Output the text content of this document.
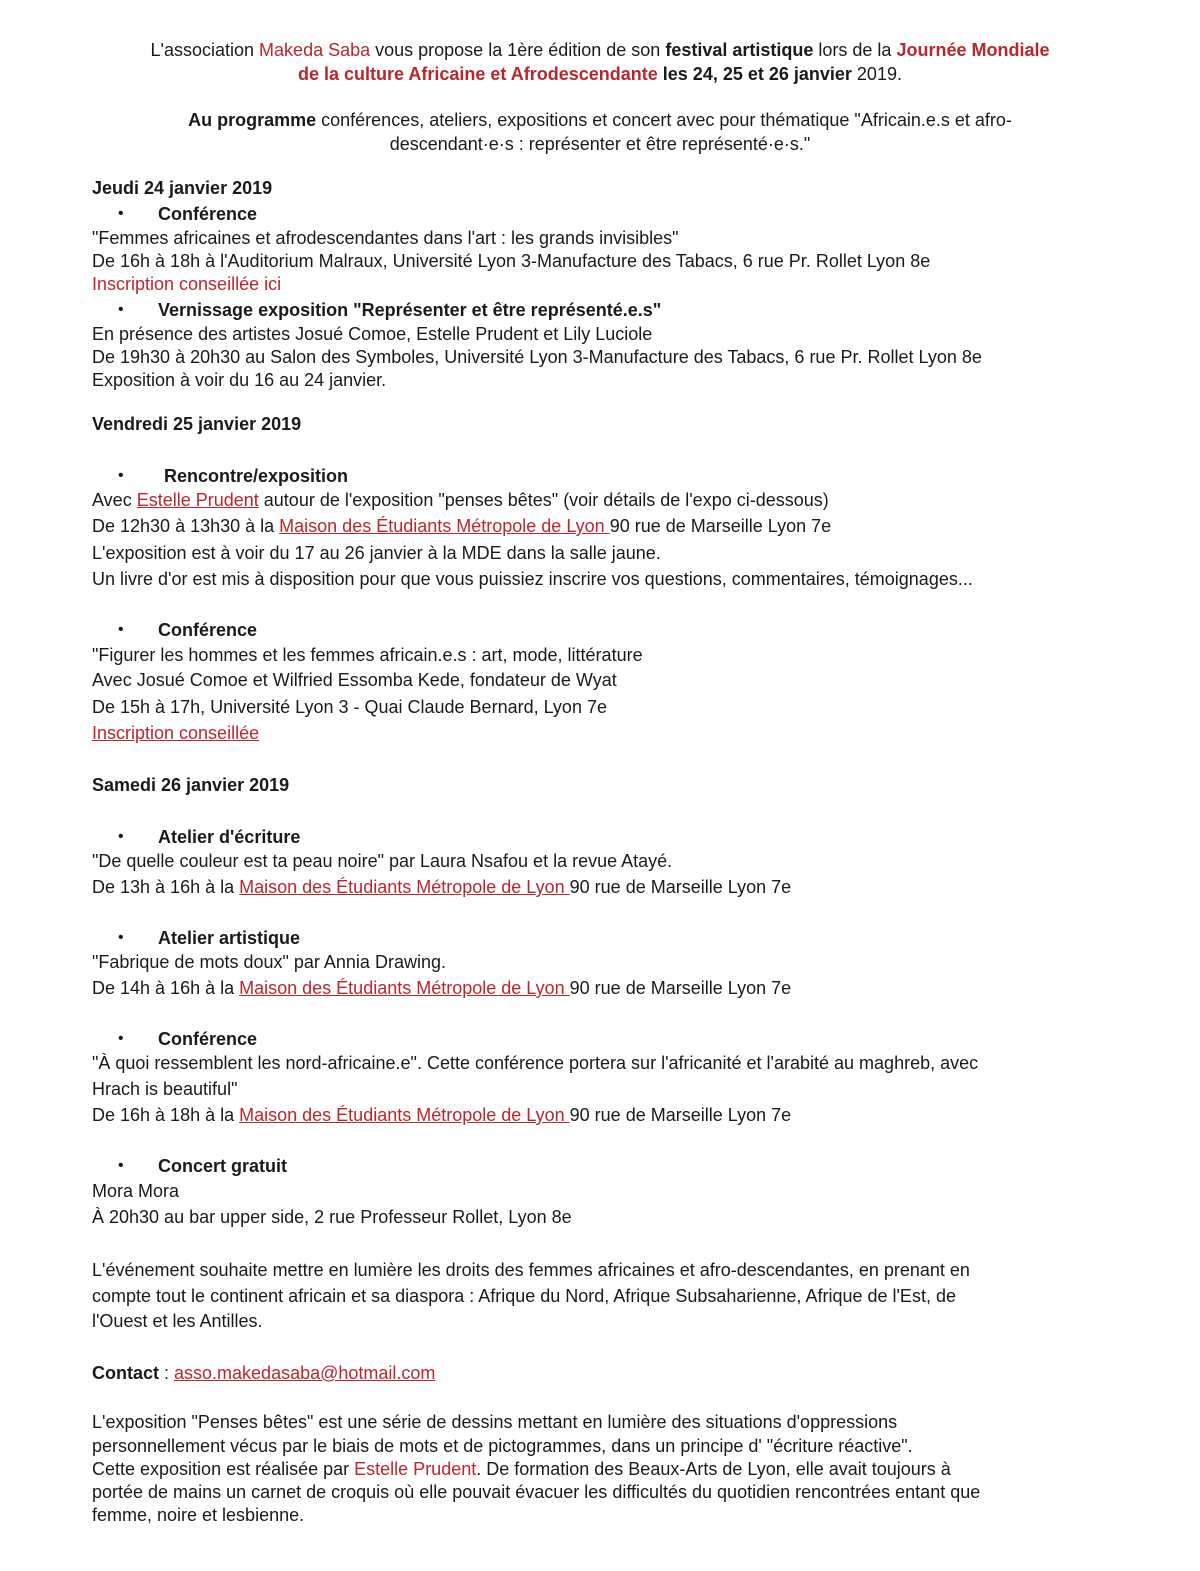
L'association Makeda Saba vous propose la 1ère édition de son festival artistique lors de la Journée Mondiale
de la culture Africaine et Afrodescendante les 24, 25 et 26 janvier 2019.
Au programme conférences, ateliers, expositions et concert avec pour thématique "Africain.e.s et afro-
descendant·e·s : représenter et être représenté·e·s."
Jeudi 24 janvier 2019
•	Conférence
"Femmes africaines et afrodescendantes dans l'art : les grands invisibles"
De 16h à 18h à l'Auditorium Malraux, Université Lyon 3-Manufacture des Tabacs, 6 rue Pr. Rollet Lyon 8e
Inscription conseillée ici
•	Vernissage exposition "Représenter et être représenté.e.s"
En présence des artistes Josué Comoe, Estelle Prudent et Lily Luciole
De 19h30 à 20h30 au Salon des Symboles, Université Lyon 3-Manufacture des Tabacs, 6 rue Pr. Rollet Lyon 8e
Exposition à voir du 16 au 24 janvier.
Vendredi 25 janvier 2019
•	Rencontre/exposition
Avec Estelle Prudent autour de l'exposition "penses bêtes" (voir détails de l'expo ci-dessous)
De 12h30 à 13h30 à la Maison des Étudiants Métropole de Lyon 90 rue de Marseille Lyon 7e
L'exposition est à voir du 17 au 26 janvier à la MDE dans la salle jaune.
Un livre d'or est mis à disposition pour que vous puissiez inscrire vos questions, commentaires, témoignages...
•	Conférence
"Figurer les hommes et les femmes africain.e.s : art, mode, littérature
Avec Josué Comoe et Wilfried Essomba Kede, fondateur de Wyat
De 15h à 17h, Université Lyon 3 - Quai Claude Bernard, Lyon 7e
Inscription conseillée
Samedi 26 janvier 2019
•	Atelier d'écriture
"De quelle couleur est ta peau noire" par Laura Nsafou et la revue Atayé.
De 13h à 16h à la Maison des Étudiants Métropole de Lyon 90 rue de Marseille Lyon 7e
•	Atelier artistique
"Fabrique de mots doux" par Annia Drawing.
De 14h à 16h à la Maison des Étudiants Métropole de Lyon 90 rue de Marseille Lyon 7e
•	Conférence
"À quoi ressemblent les nord-africaine.e". Cette conférence portera sur l'africanité et l'arabité au maghreb, avec
Hrach is beautiful"
De 16h à 18h à la Maison des Étudiants Métropole de Lyon 90 rue de Marseille Lyon 7e
•	Concert gratuit
Mora Mora
À 20h30 au bar upper side, 2 rue Professeur Rollet, Lyon 8e
L'événement souhaite mettre en lumière les droits des femmes africaines et afro-descendantes, en prenant en
compte tout le continent africain et sa diaspora : Afrique du Nord, Afrique Subsaharienne, Afrique de l'Est, de
l'Ouest et les Antilles.
Contact : asso.makedasaba@hotmail.com
L'exposition "Penses bêtes" est une série de dessins mettant en lumière des situations d'oppressions
personnellement vécus par le biais de mots et de pictogrammes, dans un principe d' "écriture réactive".
Cette exposition est réalisée par Estelle Prudent. De formation des Beaux-Arts de Lyon, elle avait toujours à
portée de mains un carnet de croquis où elle pouvait évacuer les difficultés du quotidien rencontrées entant que
femme, noire et lesbienne.
